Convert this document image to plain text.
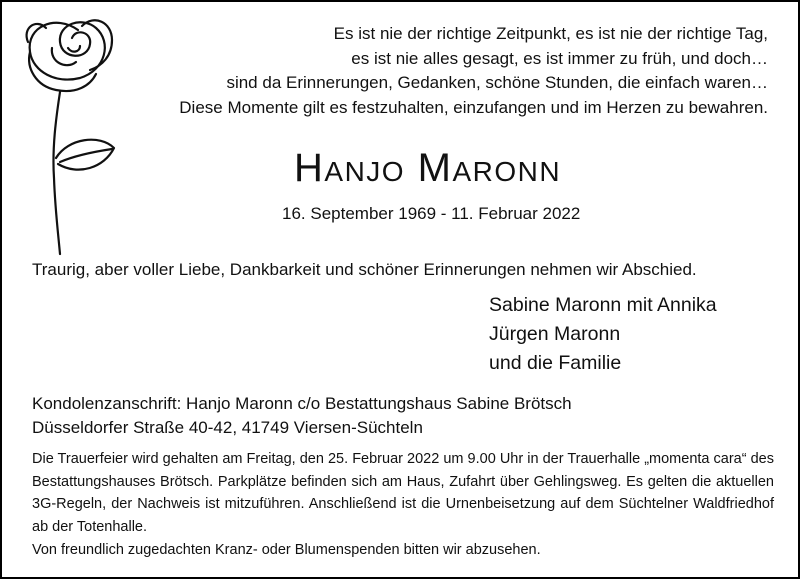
Es ist nie der richtige Zeitpunkt, es ist nie der richtige Tag,
es ist nie alles gesagt, es ist immer zu früh, und doch…
sind da Erinnerungen, Gedanken, schöne Stunden, die einfach waren…
Diese Momente gilt es festzuhalten, einzufangen und im Herzen zu bewahren.
Hanjo Maronn
16. September 1969 - 11. Februar 2022
Traurig, aber voller Liebe, Dankbarkeit und schöner Erinnerungen nehmen wir Abschied.
Sabine Maronn mit Annika
Jürgen Maronn
und die Familie
Kondolenzanschrift: Hanjo Maronn c/o Bestattungshaus Sabine Brötsch
Düsseldorfer Straße 40-42, 41749 Viersen-Süchteln
Die Trauerfeier wird gehalten am Freitag, den 25. Februar 2022 um 9.00 Uhr in der Trauerhalle „momenta cara“ des Bestattungshauses Brötsch. Parkplätze befinden sich am Haus, Zufahrt über Gehlingsweg. Es gelten die aktuellen 3G-Regeln, der Nachweis ist mitzuführen. Anschließend ist die Urnenbeisetzung auf dem Süchtelner Waldfriedhof ab der Totenhalle.
Von freundlich zugedachten Kranz- oder Blumenspenden bitten wir abzusehen.
